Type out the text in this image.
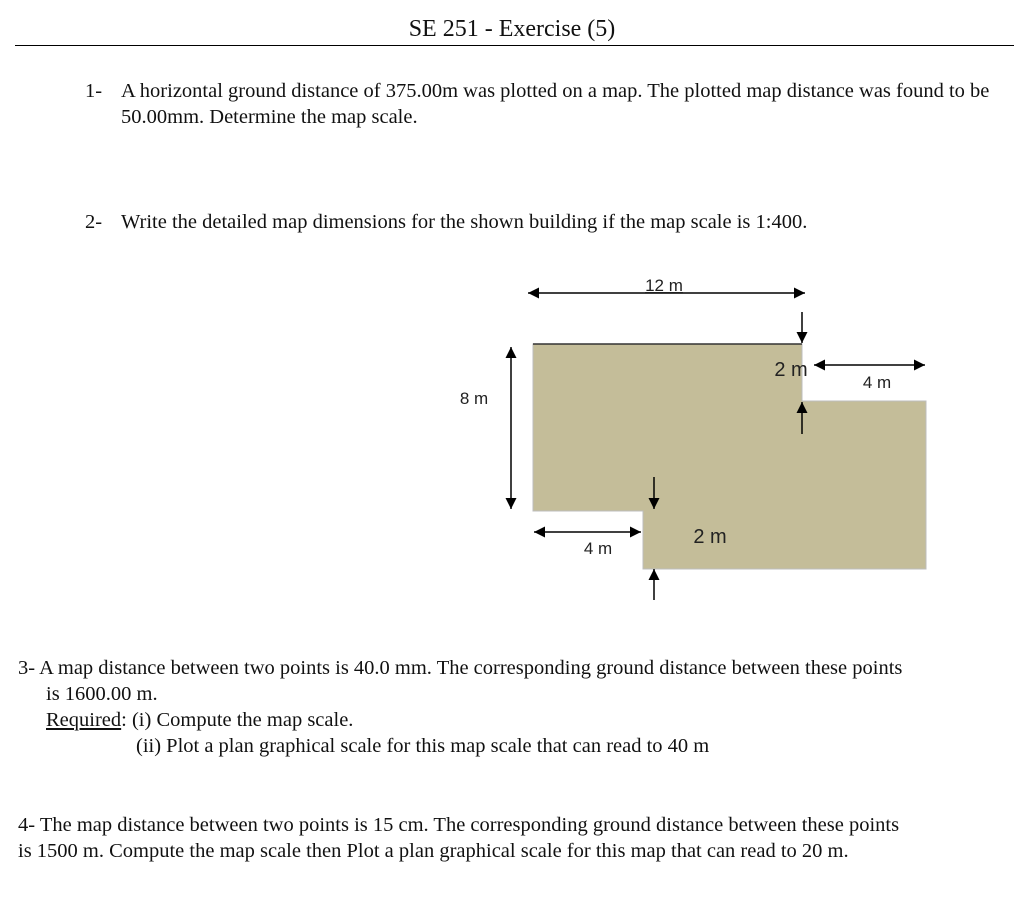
SE 251 - Exercise (5)
1- A horizontal ground distance of 375.00m was plotted on a map. The plotted map distance was found to be 50.00mm. Determine the map scale.
2- Write the detailed map dimensions for the shown building if the map scale is 1:400.
12 m
8 m
2 m
4 m
2 m
4 m
3- A map distance between two points is 40.0 mm. The corresponding ground distance between these points
is 1600.00 m.
Required: (i) Compute the map scale.
(ii) Plot a plan graphical scale for this map scale that can read to 40 m
4- The map distance between two points is 15 cm. The corresponding ground distance between these points
is 1500 m. Compute the map scale then Plot a plan graphical scale for this map that can read to 20 m.
